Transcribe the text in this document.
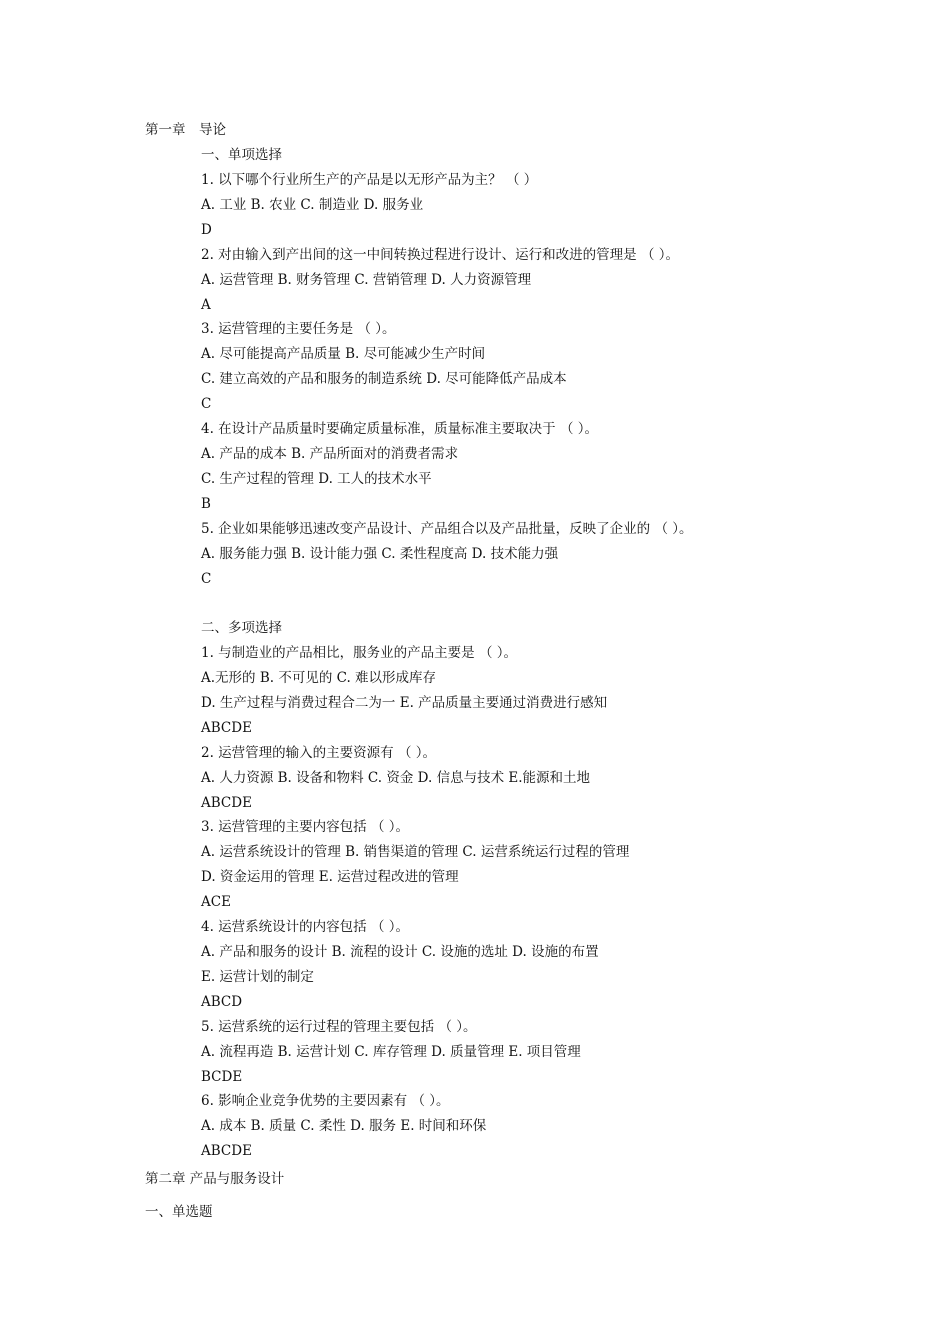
第一章　导论
一、单项选择
1. 以下哪个行业所生产的产品是以无形产品为主？ （ ）
A. 工业 B. 农业 C. 制造业 D. 服务业
D
2. 对由输入到产出间的这一中间转换过程进行设计、运行和改进的管理是 （ ）。
A. 运营管理 B. 财务管理 C. 营销管理 D. 人力资源管理
A
3. 运营管理的主要任务是 （ ）。
A. 尽可能提高产品质量 B. 尽可能减少生产时间
C. 建立高效的产品和服务的制造系统 D. 尽可能降低产品成本
C
4. 在设计产品质量时要确定质量标准，质量标准主要取决于 （ ）。
A. 产品的成本 B. 产品所面对的消费者需求
C. 生产过程的管理 D. 工人的技术水平
B
5. 企业如果能够迅速改变产品设计、产品组合以及产品批量，反映了企业的 （ ）。
A. 服务能力强 B. 设计能力强 C. 柔性程度高 D. 技术能力强
C
二、多项选择
1. 与制造业的产品相比，服务业的产品主要是 （ ）。
A.无形的 B. 不可见的 C. 难以形成库存
D. 生产过程与消费过程合二为一 E. 产品质量主要通过消费进行感知
ABCDE
2. 运营管理的输入的主要资源有 （ ）。
A. 人力资源 B. 设备和物料 C. 资金 D. 信息与技术 E.能源和土地
ABCDE
3. 运营管理的主要内容包括 （ ）。
A. 运营系统设计的管理 B. 销售渠道的管理 C. 运营系统运行过程的管理
D. 资金运用的管理 E. 运营过程改进的管理
ACE
4. 运营系统设计的内容包括 （ ）。
A. 产品和服务的设计 B. 流程的设计 C. 设施的选址 D. 设施的布置
E. 运营计划的制定
ABCD
5. 运营系统的运行过程的管理主要包括 （ ）。
A. 流程再造 B. 运营计划 C. 库存管理 D. 质量管理 E. 项目管理
BCDE
6. 影响企业竞争优势的主要因素有 （ ）。
A. 成本 B. 质量 C. 柔性 D. 服务 E. 时间和环保
ABCDE
第二章 产品与服务设计
一、单选题
